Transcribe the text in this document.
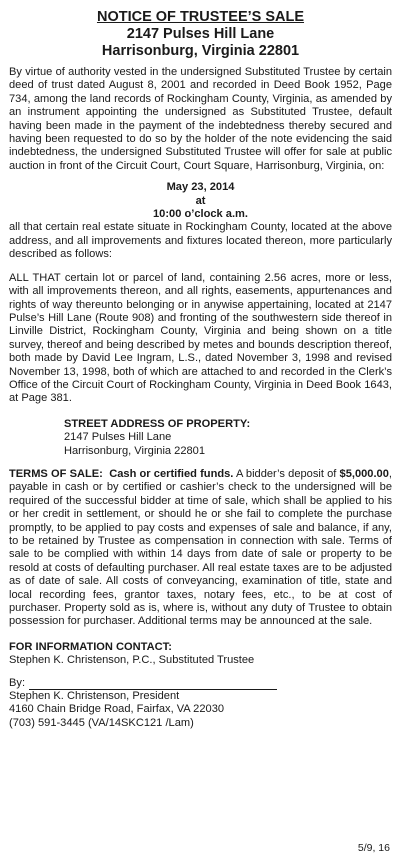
NOTICE OF TRUSTEE’S SALE
2147 Pulses Hill Lane
Harrisonburg, Virginia 22801

By virtue of authority vested in the undersigned Substituted Trustee by certain deed of trust dated August 8, 2001 and recorded in Deed Book 1952, Page 734, among the land records of Rockingham County, Virginia, as amended by an instrument appointing the undersigned as Substituted Trustee, default having been made in the payment of the indebtedness thereby secured and having been requested to do so by the holder of the note evidencing the said indebtedness, the undersigned Substituted Trustee will offer for sale at public auction in front of the Circuit Court, Court Square, Harrisonburg, Virginia, on:

May 23, 2014
at
10:00 o’clock a.m.

all that certain real estate situate in Rockingham County, located at the above address, and all improvements and fixtures located thereon, more particularly described as follows:

ALL THAT certain lot or parcel of land, containing 2.56 acres, more or less, with all improvements thereon, and all rights, easements, appurtenances and rights of way thereunto belonging or in anywise appertaining, located at 2147 Pulse’s Hill Lane (Route 908) and fronting of the southwestern side thereof in Linville District, Rockingham County, Virginia and being shown on a title survey, thereof and being described by metes and bounds description thereof, both made by David Lee Ingram, L.S., dated November 3, 1998 and revised November 13, 1998, both of which are attached to and recorded in the Clerk’s Office of the Circuit Court of Rockingham County, Virginia in Deed Book 1643, at Page 381.

STREET ADDRESS OF PROPERTY:
2147 Pulses Hill Lane
Harrisonburg, Virginia 22801

TERMS OF SALE: Cash or certified funds. A bidder’s deposit of $5,000.00, payable in cash or by certified or cashier’s check to the undersigned will be required of the successful bidder at time of sale, which shall be applied to his or her credit in settlement, or should he or she fail to complete the purchase promptly, to be applied to pay costs and expenses of sale and balance, if any, to be retained by Trustee as compensation in connection with sale. Terms of sale to be complied with within 14 days from date of sale or property to be resold at costs of defaulting purchaser. All real estate taxes are to be adjusted as of date of sale. All costs of conveyancing, examination of title, state and local recording fees, grantor taxes, notary fees, etc., to be at cost of purchaser. Property sold as is, where is, without any duty of Trustee to obtain possession for purchaser. Additional terms may be announced at the sale.

FOR INFORMATION CONTACT:
Stephen K. Christenson, P.C., Substituted Trustee
By:
Stephen K. Christenson, President
4160 Chain Bridge Road, Fairfax, VA 22030
(703) 591-3445 (VA/14SKC121 /Lam)
5/9, 16
